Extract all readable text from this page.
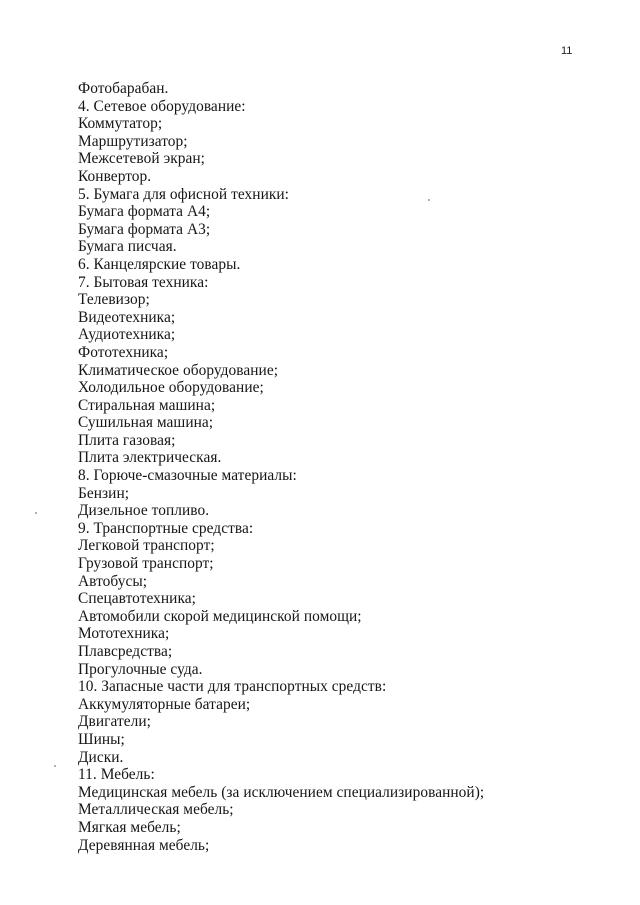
11
Фотобарабан.
4. Сетевое оборудование:
Коммутатор;
Маршрутизатор;
Межсетевой экран;
Конвертор.
5. Бумага для офисной техники:
Бумага формата А4;
Бумага формата А3;
Бумага писчая.
6. Канцелярские товары.
7. Бытовая техника:
Телевизор;
Видеотехника;
Аудиотехника;
Фототехника;
Климатическое оборудование;
Холодильное оборудование;
Стиральная машина;
Сушильная машина;
Плита газовая;
Плита электрическая.
8. Горюче-смазочные материалы:
Бензин;
Дизельное топливо.
9. Транспортные средства:
Легковой транспорт;
Грузовой транспорт;
Автобусы;
Спецавтотехника;
Автомобили скорой медицинской помощи;
Мототехника;
Плавсредства;
Прогулочные суда.
10. Запасные части для транспортных средств:
Аккумуляторные батареи;
Двигатели;
Шины;
Диски.
11. Мебель:
Медицинская мебель (за исключением специализированной);
Металлическая мебель;
Мягкая мебель;
Деревянная мебель;
